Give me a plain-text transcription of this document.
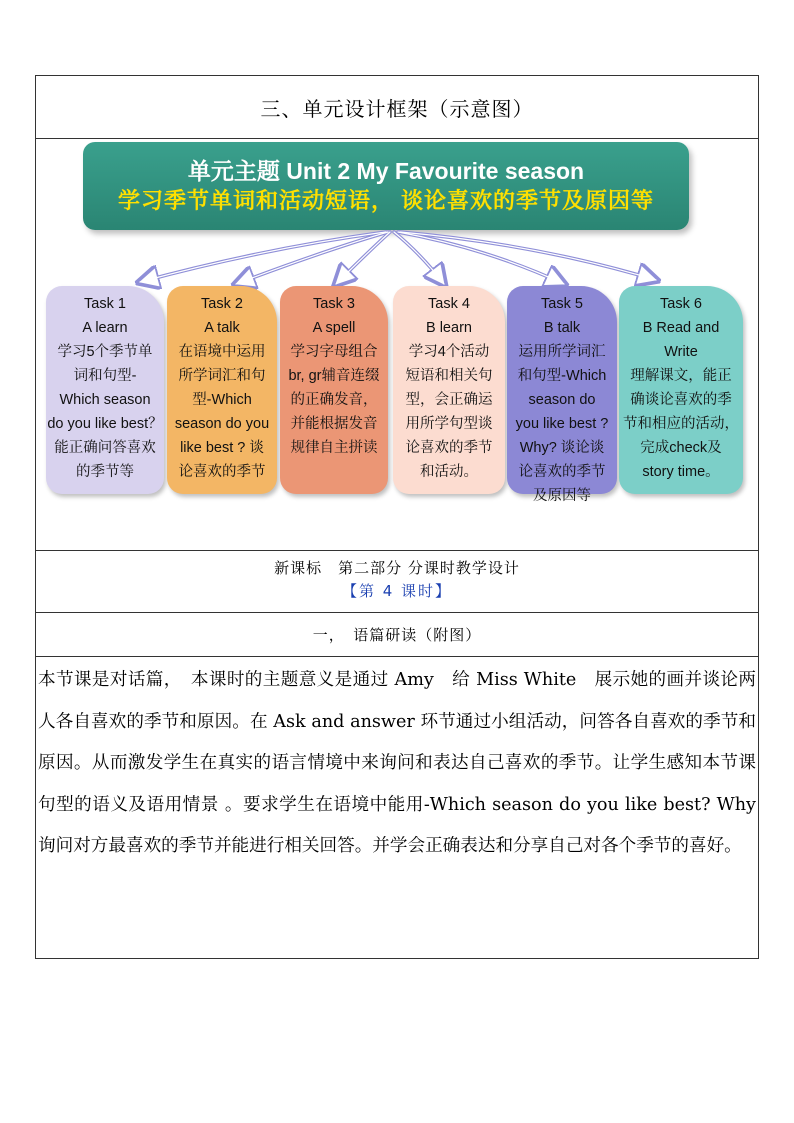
三、单元设计框架（示意图）
单元主题 Unit 2 My Favourite season
学习季节单词和活动短语， 谈论喜欢的季节及原因等
Task 1
A learn
学习5个季节单
词和句型-
Which season
do you like best？
能正确问答喜欢
的季节等
Task 2
A talk
在语境中运用
所学词汇和句
型-Which
season do you
like best ? 谈
论喜欢的季节
Task 3
A spell
学习字母组合
br, gr辅音连缀
的正确发音，
并能根据发音
规律自主拼读
Task 4
B learn
学习4个活动
短语和相关句
型，会正确运
用所学句型谈
论喜欢的季节
和活动。
Task 5
B talk
运用所学词汇
和句型-Which
season do
you like best ?
Why? 谈论谈
论喜欢的季节
及原因等
Task 6
B Read and
Write
理解课文，能正
确谈论喜欢的季
节和相应的活动，
完成check及
story time。
新课标　第二部分 分课时教学设计
【第 4 课时】
一，　语篇研读（附图）
本节课是对话篇，　本课时的主题意义是通过 Amy　给 Miss White　展示她的画并谈论两人各自喜欢的季节和原因。在 Ask and answer 环节通过小组活动，问答各自喜欢的季节和原因。从而激发学生在真实的语言情境中来询问和表达自己喜欢的季节。让学生感知本节课句型的语义及语用情景 。要求学生在语境中能用-Which season do you like best? Why 询问对方最喜欢的季节并能进行相关回答。并学会正确表达和分享自己对各个季节的喜好。
